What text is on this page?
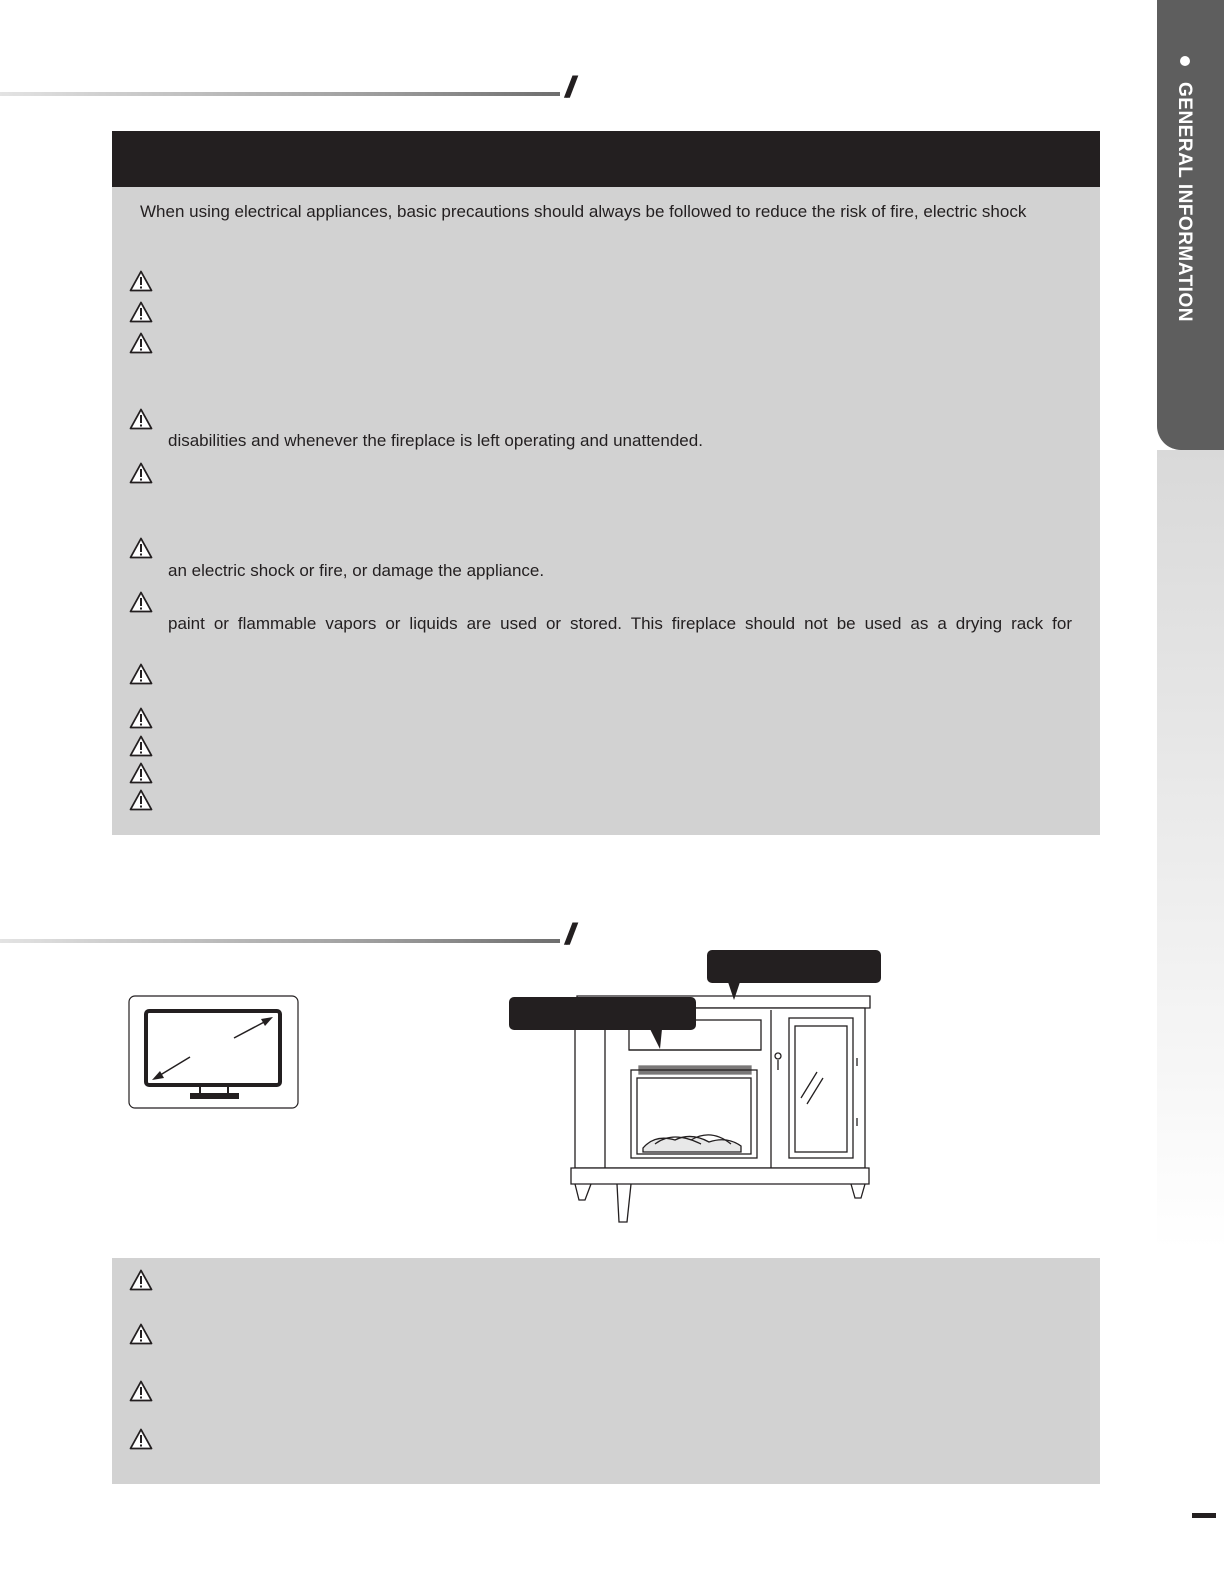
GENERAL INFORMATION
//
When using electrical appliances, basic precautions should always be followed to reduce the risk of fire, electric shock
disabilities and whenever the fireplace is left operating and unattended.
an electric shock or fire, or damage the appliance.
paint or flammable vapors or liquids are used or stored. This fireplace should not be used as a drying rack for
//
